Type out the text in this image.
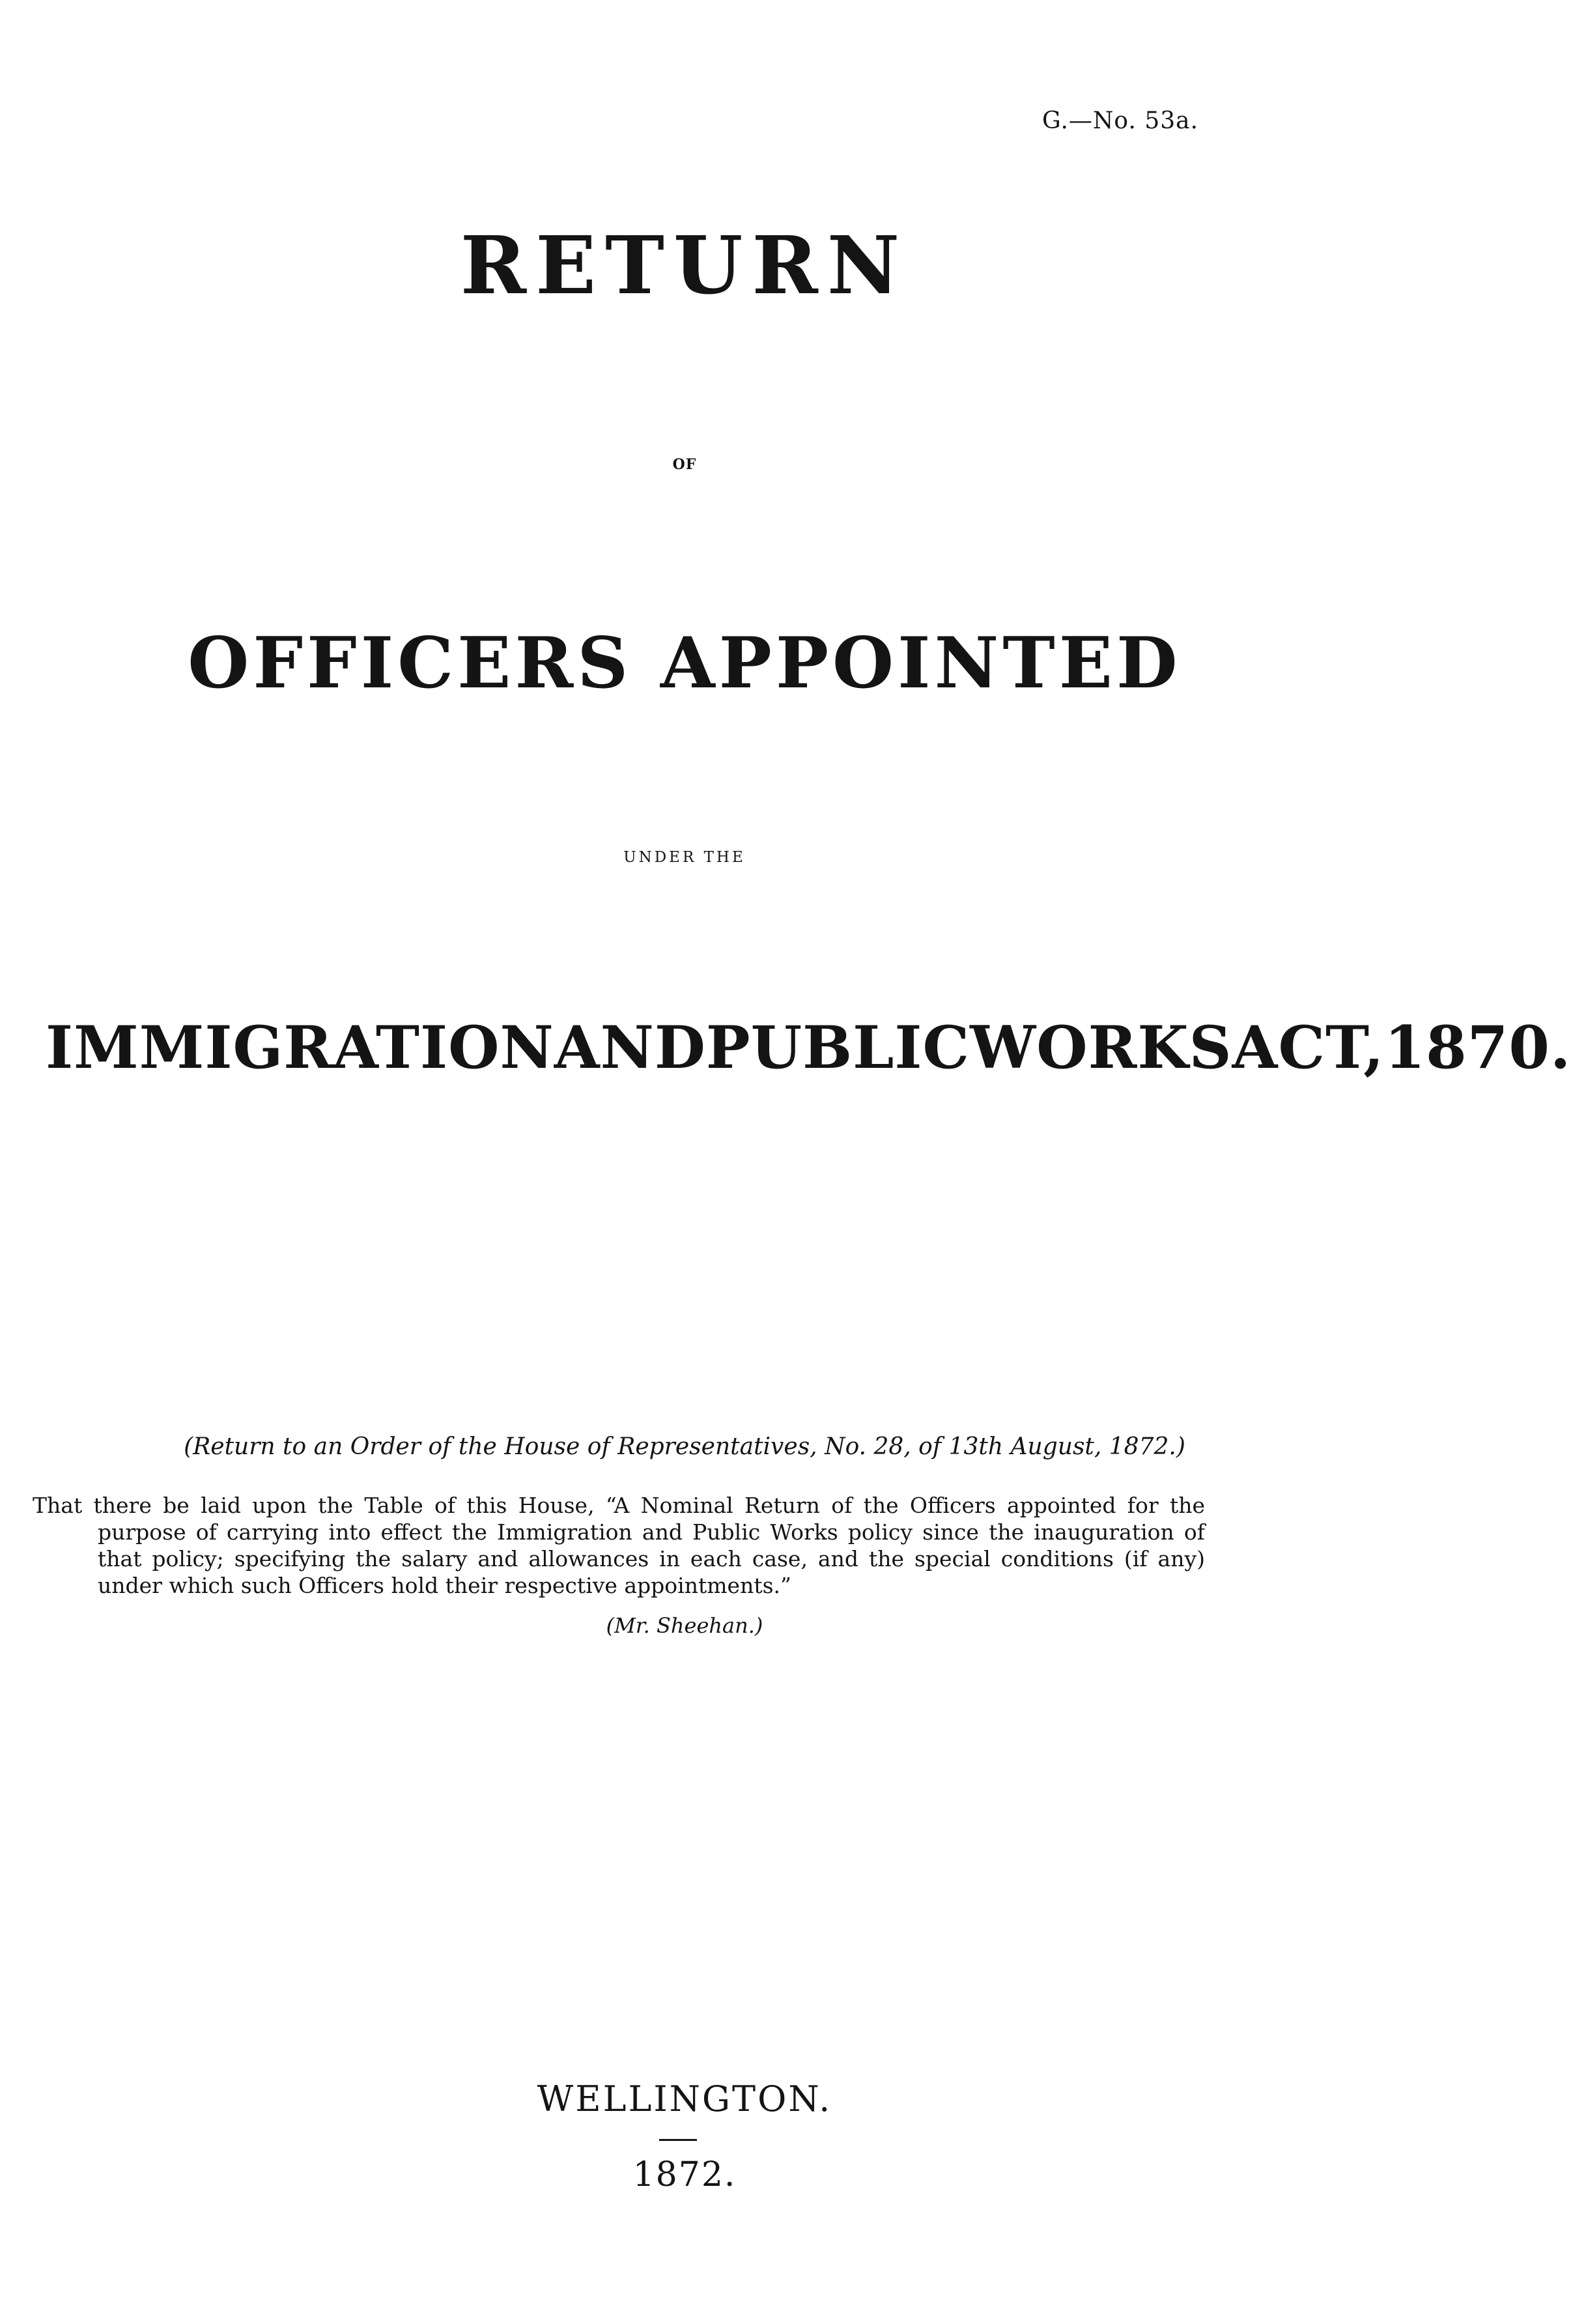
G.—No. 53a.
RETURN
OF
OFFICERS APPOINTED
UNDER THE
IMMIGRATION AND PUBLIC WORKS ACT, 1870.
(Return to an Order of the House of Representatives, No. 28, of 13th August, 1872.)
That there be laid upon the Table of this House, “A Nominal Return of the Officers appointed for the purpose of carrying into effect the Immigration and Public Works policy since the inauguration of that policy; specifying the salary and allowances in each case, and the special conditions (if any) under which such Officers hold their respective appointments.”
(Mr. Sheehan.)
WELLINGTON.
1872.
